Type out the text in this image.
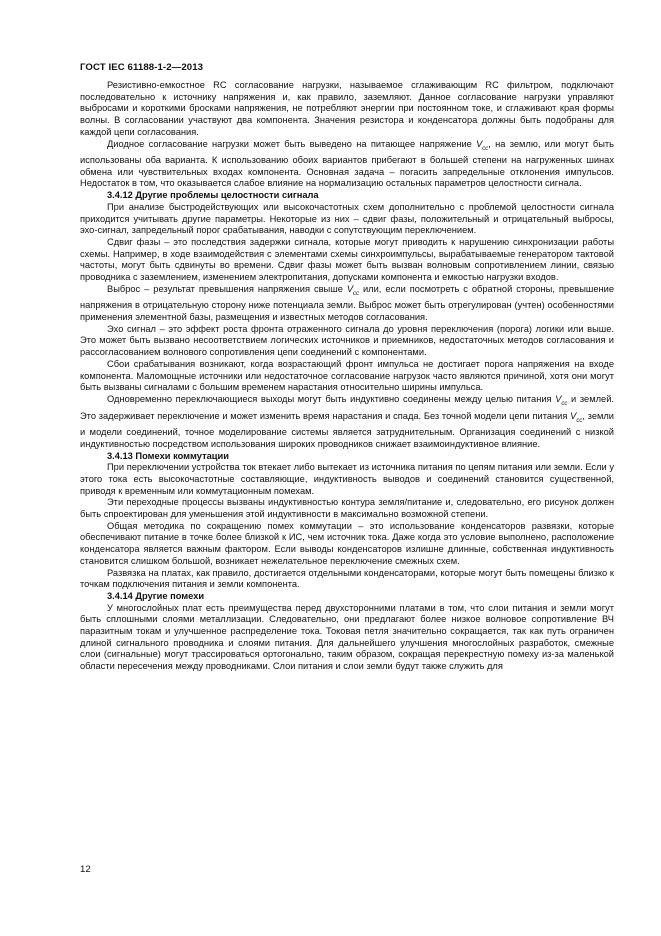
ГОСТ IEC 61188-1-2—2013

Резистивно-емкостное RC согласование нагрузки, называемое сглаживающим RC фильтром, подключают последовательно к источнику напряжения и, как правило, заземляют. Данное согласование нагрузки управляют выбросами и короткими бросками напряжения, не потребляют энергии при постоянном токе, и сглаживают края формы волны. В согласовании участвуют два компонента. Значения резистора и конденсатора должны быть подобраны для каждой цепи согласования.

Диодное согласование нагрузки может быть выведено на питающее напряжение $V_{cc}$, на землю, или могут быть использованы оба варианта. К использованию обоих вариантов прибегают в большей степени на нагруженных шинах обмена или чувствительных входах компонента. Основная задача – погасить запредельные отклонения импульсов. Недостаток в том, что оказывается слабое влияние на нормализацию остальных параметров целостности сигнала.

3.4.12 Другие проблемы целостности сигнала

При анализе быстродействующих или высокочастотных схем дополнительно с проблемой целостности сигнала приходится учитывать другие параметры. Некоторые из них – сдвиг фазы, положительный и отрицательный выбросы, эхо-сигнал, запредельный порог срабатывания, наводки с сопутствующим переключением.

Сдвиг фазы – это последствия задержки сигнала, которые могут приводить к нарушению синхронизации работы схемы. Например, в ходе взаимодействия с элементами схемы синхроимпульсы, вырабатываемые генератором тактовой частоты, могут быть сдвинуты во времени. Сдвиг фазы может быть вызван волновым сопротивлением линии, связью проводника с заземлением, изменением электропитания, допусками компонента и емкостью нагрузки входов.

Выброс – результат превышения напряжения свыше $V_{cc}$ или, если посмотреть с обратной стороны, превышение напряжения в отрицательную сторону ниже потенциала земли. Выброс может быть отрегулирован (учтен) особенностями применения элементной базы, размещения и известных методов согласования.

Эхо сигнал – это эффект роста фронта отраженного сигнала до уровня переключения (порога) логики или выше. Это может быть вызвано несоответствием логических источников и приемников, недостаточных методов согласования и рассогласованием волнового сопротивления цепи соединений с компонентами.

Сбои срабатывания возникают, когда возрастающий фронт импульса не достигает порога напряжения на входе компонента. Маломощные источники или недостаточное согласование нагрузок часто являются причиной, хотя они могут быть вызваны сигналами с большим временем нарастания относительно ширины импульса.

Одновременно переключающиеся выходы могут быть индуктивно соединены между целью питания $V_{cc}$ и землей. Это задерживает переключение и может изменить время нарастания и спада. Без точной модели цепи питания $V_{cc}$, земли и модели соединений, точное моделирование системы является затруднительным. Организация соединений с низкой индуктивностью посредством использования широких проводников снижает взаимоиндуктивное влияние.

3.4.13 Помехи коммутации

При переключении устройства ток втекает либо вытекает из источника питания по цепям питания или земли. Если у этого тока есть высокочастотные составляющие, индуктивность выводов и соединений становится существенной, приводя к временным или коммутационным помехам.

Эти переходные процессы вызваны индуктивностью контура земля/питание и, следовательно, его рисунок должен быть спроектирован для уменьшения этой индуктивности в максимально возможной степени.

Общая методика по сокращению помех коммутации – это использование конденсаторов развязки, которые обеспечивают питание в точке более близкой к ИС, чем источник тока. Даже когда это условие выполнено, расположение конденсатора является важным фактором. Если выводы конденсаторов излишне длинные, собственная индуктивность становится слишком большой, возникает нежелательное переключение смежных схем.

Развязка на платах, как правило, достигается отдельными конденсаторами, которые могут быть помещены близко к точкам подключения питания и земли компонента.

3.4.14 Другие помехи

У многослойных плат есть преимущества перед двухсторонними платами в том, что слои питания и земли могут быть сплошными слоями металлизации. Следовательно, они предлагают более низкое волновое сопротивление ВЧ паразитным токам и улучшенное распределение тока. Токовая петля значительно сокращается, так как путь ограничен длиной сигнального проводника и слоями питания. Для дальнейшего улучшения многослойных разработок, смежные слои (сигнальные) могут трассироваться ортогонально, таким образом, сокращая перекрестную помеху из-за маленькой области пересечения между проводниками. Слои питания и слои земли будут также служить для

12
